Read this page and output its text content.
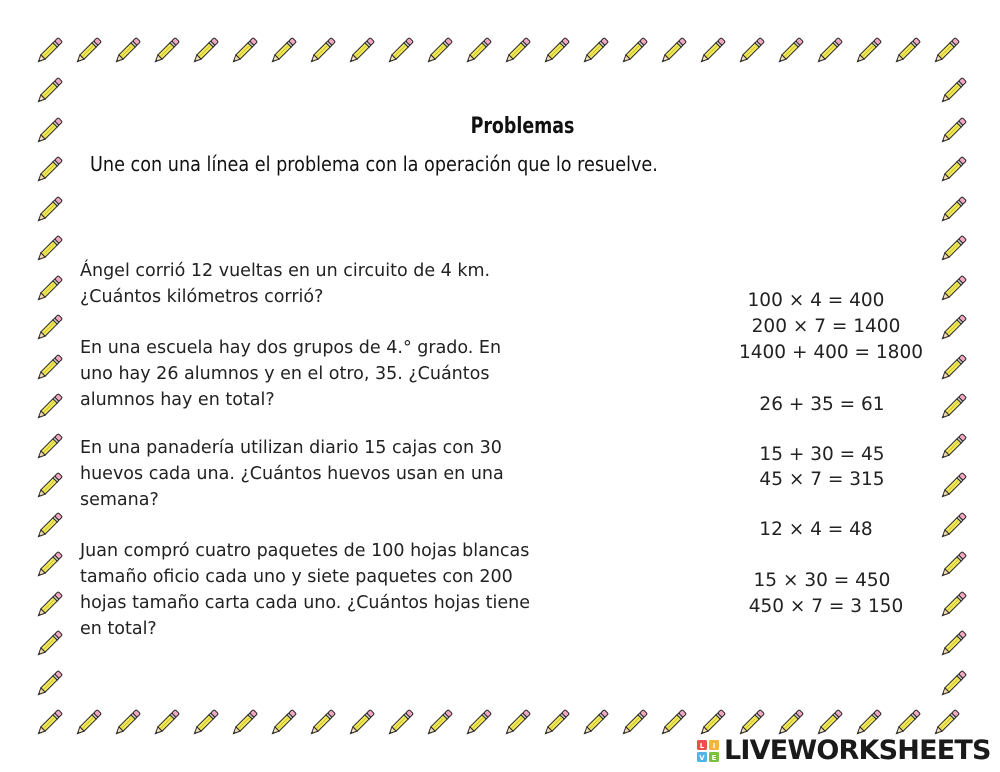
Problemas
Une con una línea el problema con la operación que lo resuelve.
Ángel corrió 12 vueltas en un circuito de 4 km.
¿Cuántos kilómetros corrió?
En una escuela hay dos grupos de 4.° grado. En
uno hay 26 alumnos y en el otro, 35. ¿Cuántos
alumnos hay en total?
En una panadería utilizan diario 15 cajas con 30
huevos cada una. ¿Cuántos huevos usan en una
semana?
Juan compró cuatro paquetes de 100 hojas blancas
tamaño oficio cada uno y siete paquetes con 200
hojas tamaño carta cada uno. ¿Cuántos hojas tiene
en total?
100 × 4 = 400
200 × 7 = 1400
1400 + 400 = 1800
26 + 35 = 61
15 + 30 = 45
45 × 7 = 315
12 × 4 = 48
15 × 30 = 450
450 × 7 = 3 150
L I
V E LIVEWORKSHEETS
